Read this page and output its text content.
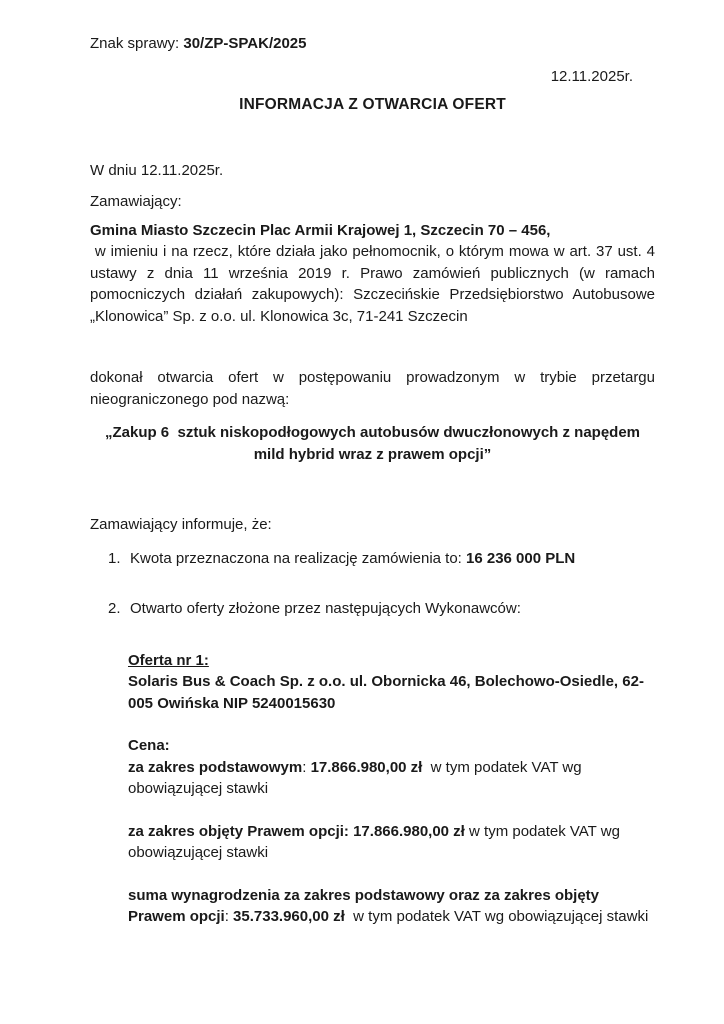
Znak sprawy: 30/ZP-SPAK/2025

12.11.2025r.

INFORMACJA Z OTWARCIA OFERT

W dniu 12.11.2025r.

Zamawiający:

Gmina Miasto Szczecin Plac Armii Krajowej 1, Szczecin 70 – 456,
w imieniu i na rzecz, które działa jako pełnomocnik, o którym mowa w art. 37 ust. 4 ustawy z dnia 11 września 2019 r. Prawo zamówień publicznych (w ramach pomocniczych działań zakupowych): Szczecińskie Przedsiębiorstwo Autobusowe „Klonowica” Sp. z o.o. ul. Klonowica 3c, 71-241 Szczecin

dokonał otwarcia ofert w postępowaniu prowadzonym w trybie przetargu nieograniczonego pod nazwą:

„Zakup 6  sztuk niskopodłogowych autobusów dwuczłonowych z napędem mild hybrid wraz z prawem opcji”

Zamawiający informuje, że:

1. Kwota przeznaczona na realizację zamówienia to: 16 236 000 PLN
2. Otwarto oferty złożone przez następujących Wykonawców:

Oferta nr 1:

Solaris Bus & Coach Sp. z o.o. ul. Obornicka 46, Bolechowo-Osiedle, 62-005 Owińska NIP 5240015630

Cena:

za zakres podstawowym: 17.866.980,00 zł  w tym podatek VAT wg obowiązującej stawki

za zakres objęty Prawem opcji: 17.866.980,00 zł w tym podatek VAT wg obowiązującej stawki

suma wynagrodzenia za zakres podstawowy oraz za zakres objęty Prawem opcji: 35.733.960,00 zł  w tym podatek VAT wg obowiązującej stawki
